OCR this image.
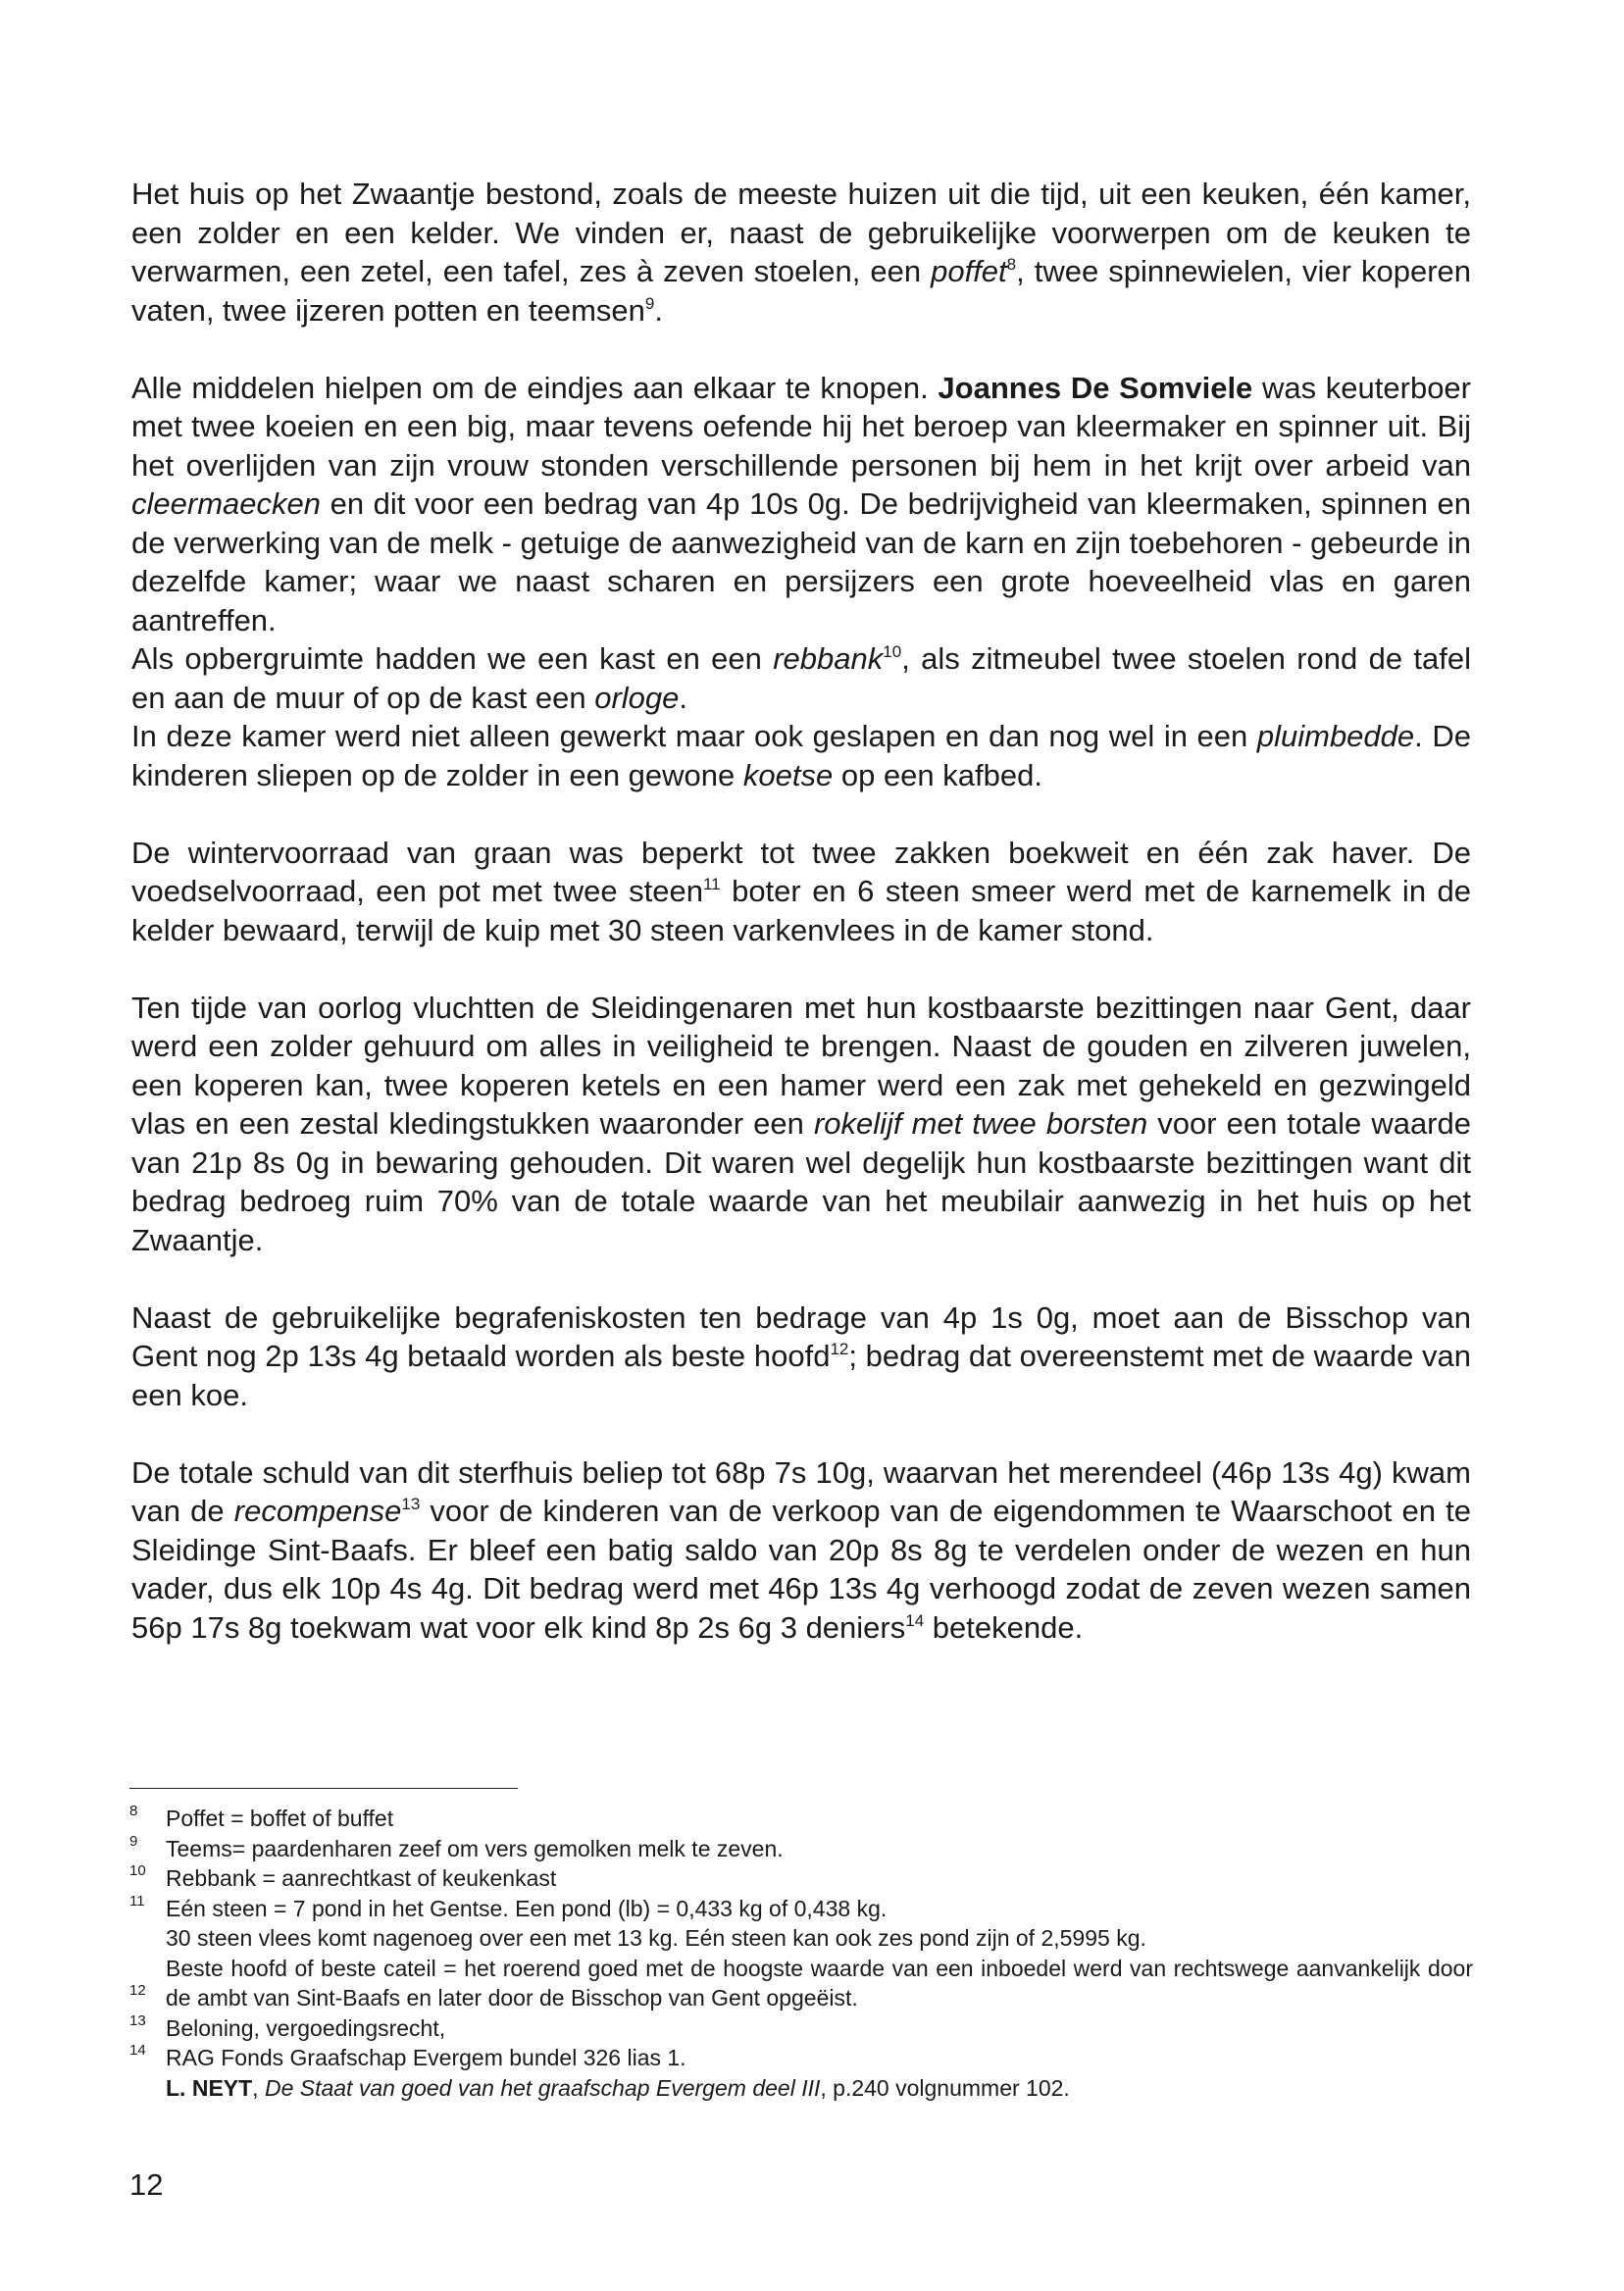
Het huis op het Zwaantje bestond, zoals de meeste huizen uit die tijd, uit een keuken, één kamer, een zolder en een kelder. We vinden er, naast de gebruikelijke voorwerpen om de keuken te verwarmen, een zetel, een tafel, zes à zeven stoelen, een poffet$^8$, twee spinnewielen, vier koperen vaten, twee ijzeren potten en teemsen$^9$.

Alle middelen hielpen om de eindjes aan elkaar te knopen. Joannes De Somviele was keuterboer met twee koeien en een big, maar tevens oefende hij het beroep van kleermaker en spinner uit. Bij het overlijden van zijn vrouw stonden verschillende personen bij hem in het krijt over arbeid van cleermaecken en dit voor een bedrag van 4p 10s 0g. De bedrijvigheid van kleermaken, spinnen en de verwerking van de melk - getuige de aanwezigheid van de karn en zijn toebehoren - gebeurde in dezelfde kamer; waar we naast scharen en persijzers een grote hoeveelheid vlas en garen aantreffen.

Als opbergruimte hadden we een kast en een rebbank$^{10}$, als zitmeubel twee stoelen rond de tafel en aan de muur of op de kast een orloge.

In deze kamer werd niet alleen gewerkt maar ook geslapen en dan nog wel in een pluimbedde. De kinderen sliepen op de zolder in een gewone koetse op een kafbed.

De wintervoorraad van graan was beperkt tot twee zakken boekweit en één zak haver. De voedselvoorraad, een pot met twee steen$^{11}$ boter en 6 steen smeer werd met de karnemelk in de kelder bewaard, terwijl de kuip met 30 steen varkenvlees in de kamer stond.

Ten tijde van oorlog vluchtten de Sleidingenaren met hun kostbaarste bezittingen naar Gent, daar werd een zolder gehuurd om alles in veiligheid te brengen. Naast de gouden en zilveren juwelen, een koperen kan, twee koperen ketels en een hamer werd een zak met gehekeld en gezwingeld vlas en een zestal kledingstukken waaronder een rokelijf met twee borsten voor een totale waarde van 21p 8s 0g in bewaring gehouden. Dit waren wel degelijk hun kostbaarste bezittingen want dit bedrag bedroeg ruim 70% van de totale waarde van het meubilair aanwezig in het huis op het Zwaantje.

Naast de gebruikelijke begrafeniskosten ten bedrage van 4p 1s 0g, moet aan de Bisschop van Gent nog 2p 13s 4g betaald worden als beste hoofd$^{12}$; bedrag dat overeenstemt met de waarde van een koe.

De totale schuld van dit sterfhuis beliep tot 68p 7s 10g, waarvan het merendeel (46p 13s 4g) kwam van de recompense$^{13}$ voor de kinderen van de verkoop van de eigendommen te Waarschoot en te Sleidinge Sint-Baafs. Er bleef een batig saldo van 20p 8s 8g te verdelen onder de wezen en hun vader, dus elk 10p 4s 4g. Dit bedrag werd met 46p 13s 4g verhoogd zodat de zeven wezen samen 56p 17s 8g toekwam wat voor elk kind 8p 2s 6g 3 deniers$^{14}$ betekende.

8	Poffet = boffet of buffet
9	Teems= paardenharen zeef om vers gemolken melk te zeven.
10 Rebbank = aanrechtkast of keukenkast
11 Eén steen = 7 pond in het Gentse. Een pond (lb) = 0,433 kg of 0,438 kg.
30 steen vlees komt nagenoeg over een met 13 kg. Eén steen kan ook zes pond zijn of 2,5995 kg.
12
Beste hoofd of beste cateil = het roerend goed met de hoogste waarde van een inboedel werd van rechtswege aanvankelijk door de ambt van Sint-Baafs en later door de Bisschop van Gent opgeëist.
13 Beloning, vergoedingsrecht,
14 RAG Fonds Graafschap Evergem bundel 326 lias 1.
L. NEYT, De Staat van goed van het graafschap Evergem deel III, p.240 volgnummer 102.
12
